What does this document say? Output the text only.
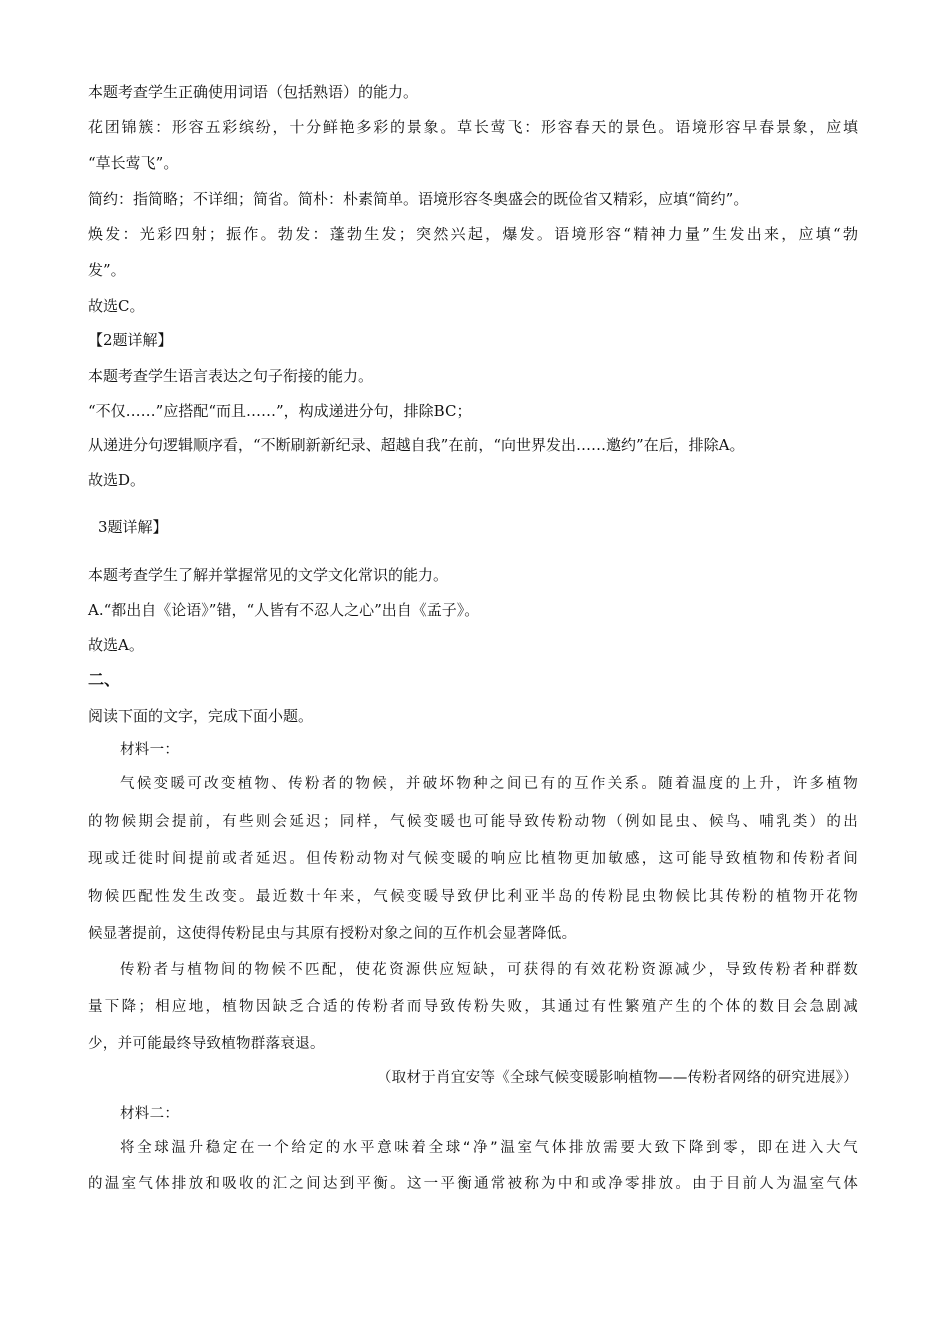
本题考查学生正确使用词语（包括熟语）的能力。
花团锦簇：形容五彩缤纷，十分鲜艳多彩的景象。草长莺飞：形容春天的景色。语境形容早春景象，应填
“草长莺飞”。
简约：指简略；不详细；简省。简朴：朴素简单。语境形容冬奥盛会的既俭省又精彩，应填“简约”。
焕发：光彩四射；振作。勃发：蓬勃生发；突然兴起，爆发。语境形容“精神力量”生发出来，应填“勃
发”。
故选C。
【2题详解】
本题考查学生语言表达之句子衔接的能力。
“不仅……”应搭配“而且……”，构成递进分句，排除BC；
从递进分句逻辑顺序看，“不断刷新新纪录、超越自我”在前，“向世界发出……邀约”在后，排除A。
故选D。
3题详解】
本题考查学生了解并掌握常见的文学文化常识的能力。
A.“都出自《论语》”错，“人皆有不忍人之心”出自《孟子》。
故选A。
二、
阅读下面的文字，完成下面小题。
材料一：
气候变暖可改变植物、传粉者的物候，并破坏物种之间已有的互作关系。随着温度的上升，许多植物
的物候期会提前，有些则会延迟；同样，气候变暖也可能导致传粉动物（例如昆虫、候鸟、哺乳类）的出
现或迁徙时间提前或者延迟。但传粉动物对气候变暖的响应比植物更加敏感，这可能导致植物和传粉者间
物候匹配性发生改变。最近数十年来，气候变暖导致伊比利亚半岛的传粉昆虫物候比其传粉的植物开花物
候显著提前，这使得传粉昆虫与其原有授粉对象之间的互作机会显著降低。
传粉者与植物间的物候不匹配，使花资源供应短缺，可获得的有效花粉资源减少，导致传粉者种群数
量下降；相应地，植物因缺乏合适的传粉者而导致传粉失败，其通过有性繁殖产生的个体的数目会急剧减
少，并可能最终导致植物群落衰退。
（取材于肖宜安等《全球气候变暖影响植物——传粉者网络的研究进展》）
材料二：
将全球温升稳定在一个给定的水平意味着全球“净”温室气体排放需要大致下降到零，即在进入大气
的温室气体排放和吸收的汇之间达到平衡。这一平衡通常被称为中和或净零排放。由于目前人为温室气体
